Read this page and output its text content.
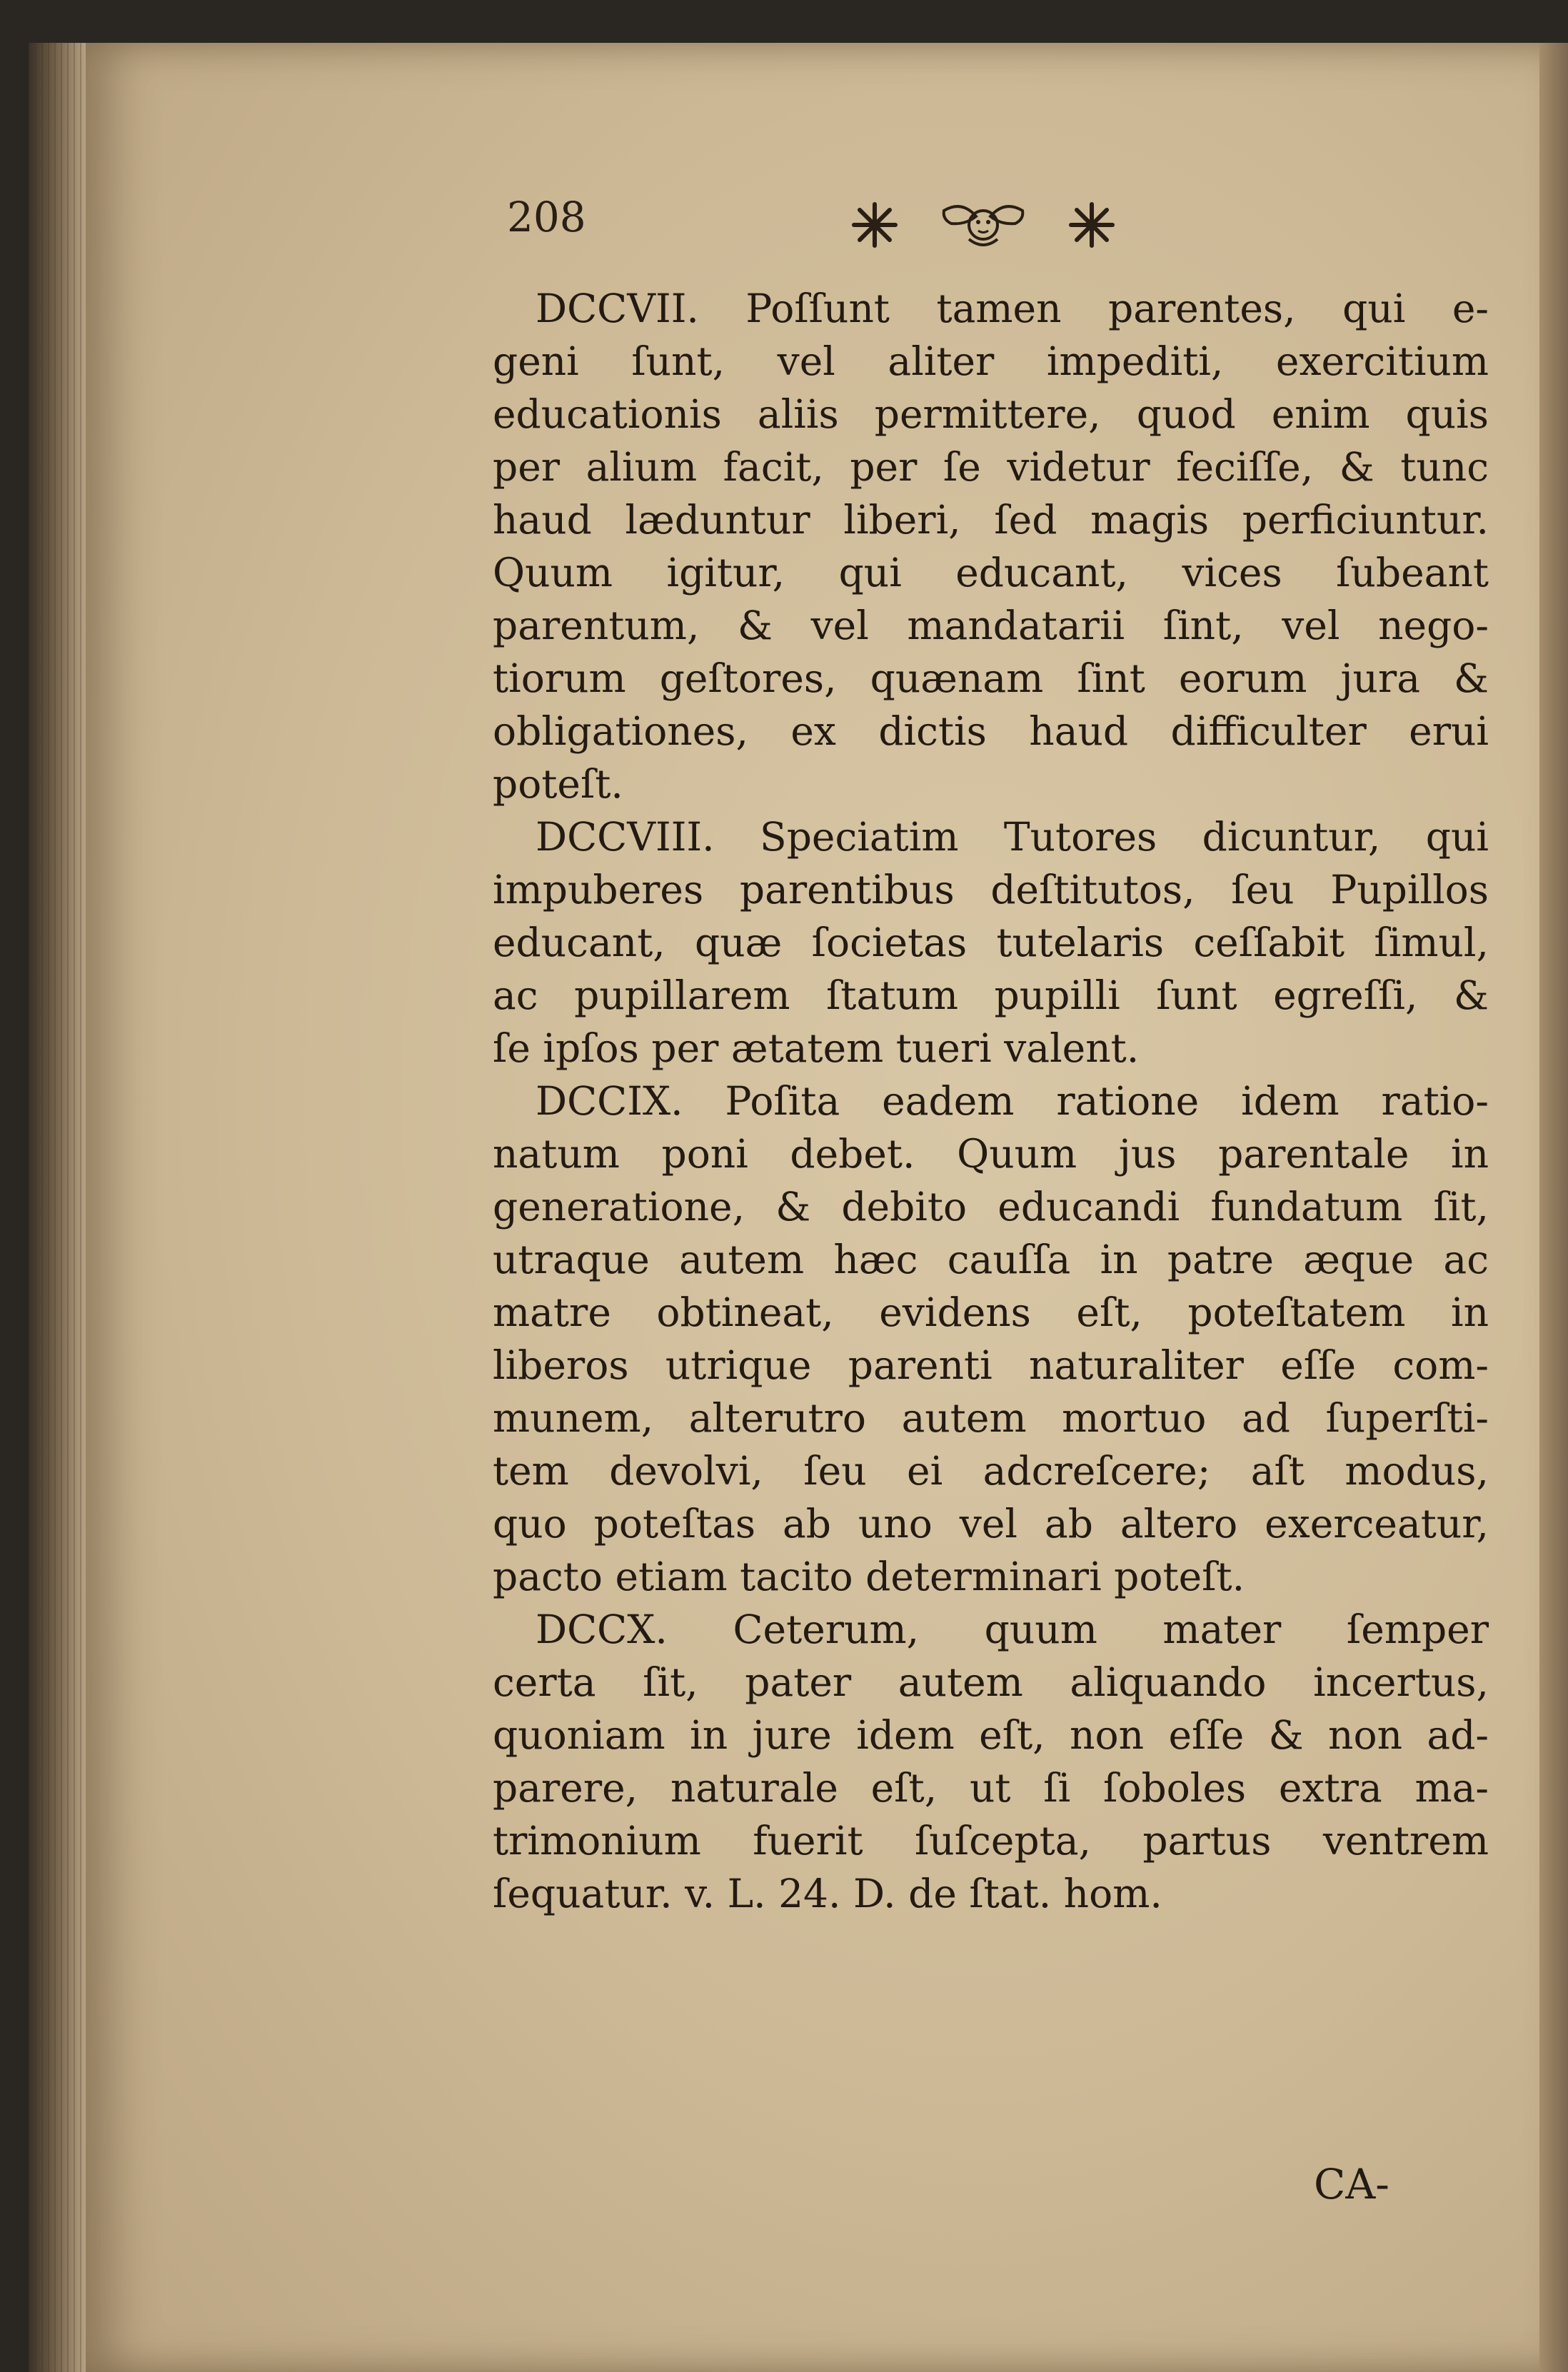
208
DCCVII. Poſſunt tamen parentes, qui e-
geni ſunt, vel aliter impediti, exercitium
educationis aliis permittere, quod enim quis
per alium facit, per ſe videtur feciſſe, & tunc
haud læduntur liberi, ſed magis perficiuntur.
Quum igitur, qui educant, vices ſubeant
parentum, & vel mandatarii ſint, vel nego-
tiorum geſtores, quænam ſint eorum jura &
obligationes, ex dictis haud difficulter erui
poteſt.
DCCVIII. Speciatim Tutores dicuntur, qui
impuberes parentibus deſtitutos, ſeu Pupillos
educant, quæ ſocietas tutelaris ceſſabit ſimul,
ac pupillarem ſtatum pupilli ſunt egreſſi, &
ſe ipſos per ætatem tueri valent.
DCCIX. Poſita eadem ratione idem ratio-
natum poni debet. Quum jus parentale in
generatione, & debito educandi fundatum ſit,
utraque autem hæc cauſſa in patre æque ac
matre obtineat, evidens eſt, poteſtatem in
liberos utrique parenti naturaliter eſſe com-
munem, alterutro autem mortuo ad ſuperſti-
tem devolvi, ſeu ei adcreſcere; aſt modus,
quo poteſtas ab uno vel ab altero exerceatur,
pacto etiam tacito determinari poteſt.
DCCX. Ceterum, quum mater ſemper
certa ſit, pater autem aliquando incertus,
quoniam in jure idem eſt, non eſſe & non ad-
parere, naturale eſt, ut ſi ſoboles extra ma-
trimonium fuerit ſuſcepta, partus ventrem
ſequatur. v. L. 24. D. de ſtat. hom.
CA-
